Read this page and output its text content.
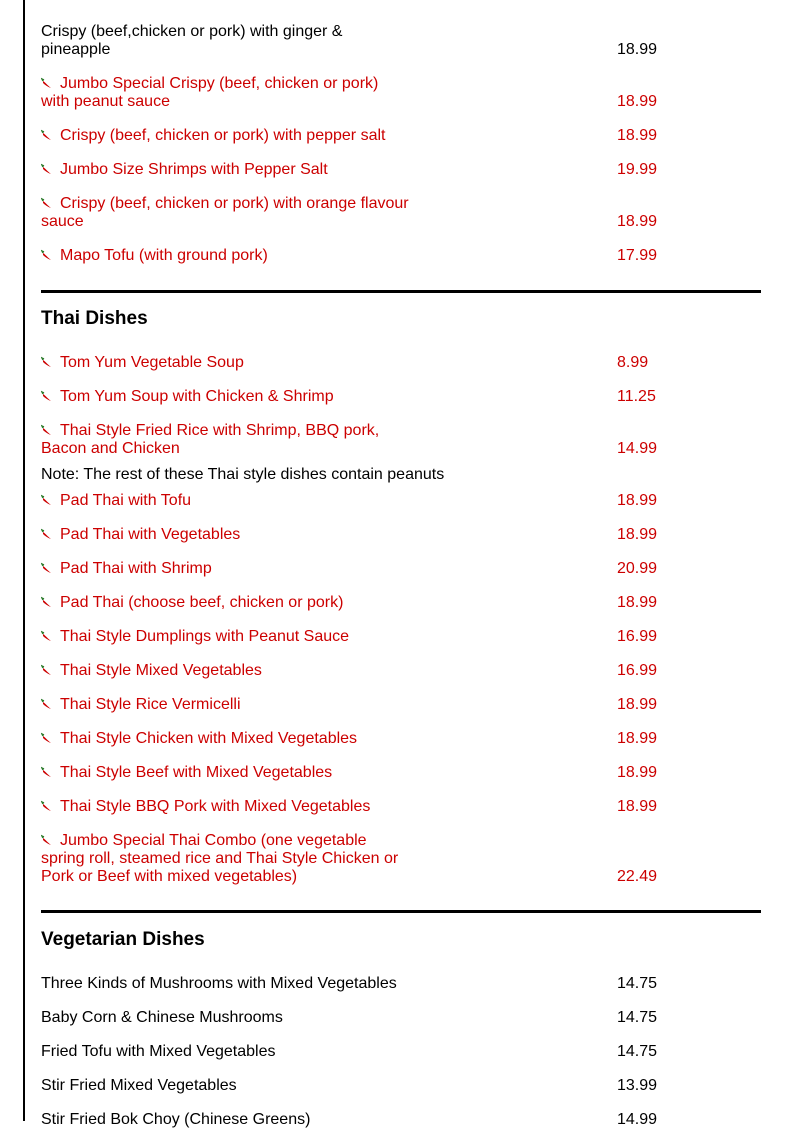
Crispy (beef,chicken or pork) with ginger & pineapple	18.99
Jumbo Special Crispy (beef, chicken or pork) with peanut sauce	18.99
Crispy (beef, chicken or pork) with pepper salt	18.99
Jumbo Size Shrimps with Pepper Salt	19.99
Crispy (beef, chicken or pork) with orange flavour sauce	18.99
Mapo Tofu (with ground pork)	17.99
Thai Dishes
Tom Yum Vegetable Soup	8.99
Tom Yum Soup with Chicken & Shrimp	11.25
Thai Style Fried Rice with Shrimp, BBQ pork, Bacon and Chicken	14.99
Note: The rest of these Thai style dishes contain peanuts
Pad Thai with Tofu	18.99
Pad Thai with Vegetables	18.99
Pad Thai with Shrimp	20.99
Pad Thai (choose beef, chicken or pork)	18.99
Thai Style Dumplings with Peanut Sauce	16.99
Thai Style Mixed Vegetables	16.99
Thai Style Rice Vermicelli	18.99
Thai Style Chicken with Mixed Vegetables	18.99
Thai Style Beef with Mixed Vegetables	18.99
Thai Style BBQ Pork with Mixed Vegetables	18.99
Jumbo Special Thai Combo (one vegetable spring roll, steamed rice and Thai Style Chicken or Pork or Beef with mixed vegetables)	22.49
Vegetarian Dishes
Three Kinds of Mushrooms with Mixed Vegetables	14.75
Baby Corn & Chinese Mushrooms	14.75
Fried Tofu with Mixed Vegetables	14.75
Stir Fried Mixed Vegetables	13.99
Stir Fried Bok Choy (Chinese Greens)	14.99
